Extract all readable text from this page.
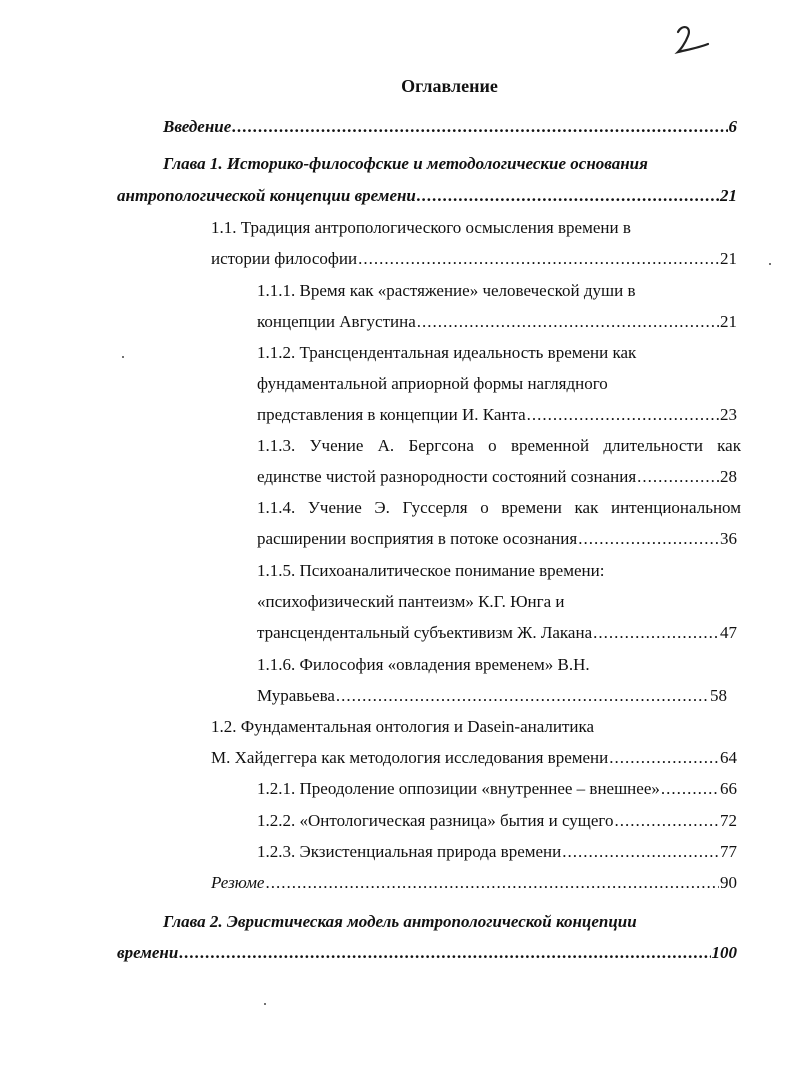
Оглавление
Введение .....	6
Глава 1. Историко-философские и методологические основания
антропологической концепции времени .....	21
1.1. Традиция антропологического осмысления времени в
истории философии .....	21
1.1.1. Время как «растяжение» человеческой души в
концепции Августина .....	21
1.1.2. Трансцендентальная идеальность времени как
фундаментальной априорной формы наглядного
представления в концепции И. Канта .....	23
1.1.3. Учение А. Бергсона о временной длительности как
единстве чистой разнородности состояний сознания .....	28
1.1.4. Учение Э. Гуссерля о времени как интенциональном
расширении восприятия в потоке осознания .....	36
1.1.5. Психоаналитическое понимание времени:
«психофизический пантеизм» К.Г. Юнга и
трансцендентальный субъективизм Ж. Лакана .....	47
1.1.6. Философия «овладения временем» В.Н.
Муравьева .....	58
1.2. Фундаментальная онтология и Dasein-аналитика
М. Хайдеггера как методология исследования времени .....	64
1.2.1. Преодоление оппозиции «внутреннее – внешнее» .....	66
1.2.2. «Онтологическая разница» бытия и сущего .....	72
1.2.3. Экзистенциальная природа времени .....	77
Резюме .....	90
Глава 2. Эвристическая модель антропологической концепции
времени .....	100
